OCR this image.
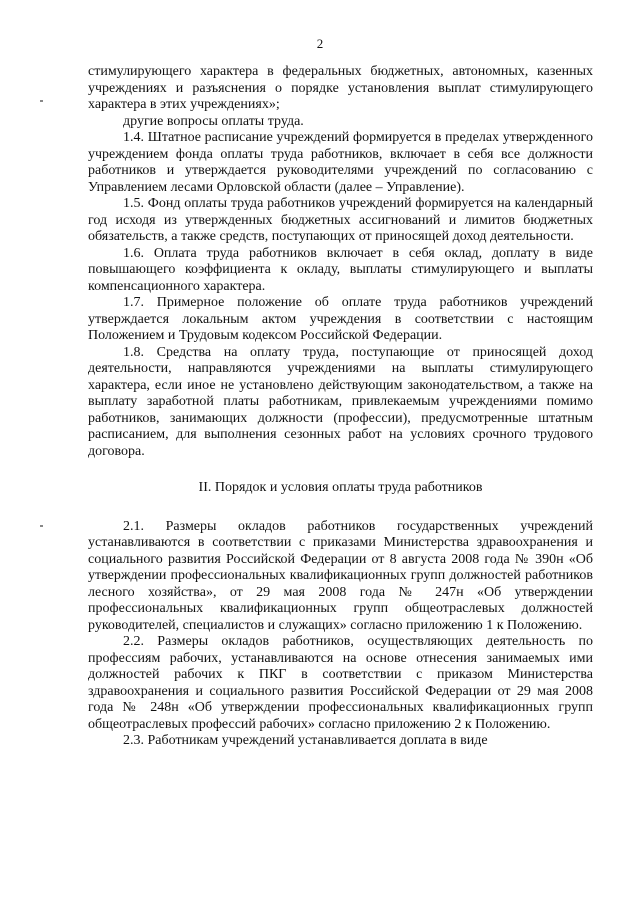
2

стимулирующего характера в федеральных бюджетных, автономных, казенных учреждениях и разъяснения о порядке установления выплат стимулирующего характера в этих учреждениях»;

другие вопросы оплаты труда.

1.4. Штатное расписание учреждений формируется в пределах утвержденного учреждением фонда оплаты труда работников, включает в себя все должности работников и утверждается руководителями учреждений по согласованию с Управлением лесами Орловской области (далее – Управление).

1.5. Фонд оплаты труда работников учреждений формируется на календарный год исходя из утвержденных бюджетных ассигнований и лимитов бюджетных обязательств, а также средств, поступающих от приносящей доход деятельности.

1.6. Оплата труда работников включает в себя оклад, доплату в виде повышающего коэффициента к окладу, выплаты стимулирующего и выплаты компенсационного характера.

1.7. Примерное положение об оплате труда работников учреждений утверждается локальным актом учреждения в соответствии с настоящим Положением и Трудовым кодексом Российской Федерации.

1.8. Средства на оплату труда, поступающие от приносящей доход деятельности, направляются учреждениями на выплаты стимулирующего характера, если иное не установлено действующим законодательством, а также на выплату заработной платы работникам, привлекаемым учреждениями помимо работников, занимающих должности (профессии), предусмотренные штатным расписанием, для выполнения сезонных работ на условиях срочного трудового договора.

II. Порядок и условия оплаты труда работников

2.1. Размеры окладов работников государственных учреждений устанавливаются в соответствии с приказами Министерства здравоохранения и социального развития Российской Федерации от 8 августа 2008 года № 390н «Об утверждении профессиональных квалификационных групп должностей работников лесного хозяйства», от 29 мая 2008 года № 247н «Об утверждении профессиональных квалификационных групп общеотраслевых должностей руководителей, специалистов и служащих» согласно приложению 1 к Положению.

2.2. Размеры окладов работников, осуществляющих деятельность по профессиям рабочих, устанавливаются на основе отнесения занимаемых ими должностей рабочих к ПКГ в соответствии с приказом Министерства здравоохранения и социального развития Российской Федерации от 29 мая 2008 года № 248н «Об утверждении профессиональных квалификационных групп общеотраслевых профессий рабочих» согласно приложению 2 к Положению.

2.3. Работникам учреждений устанавливается доплата в виде
